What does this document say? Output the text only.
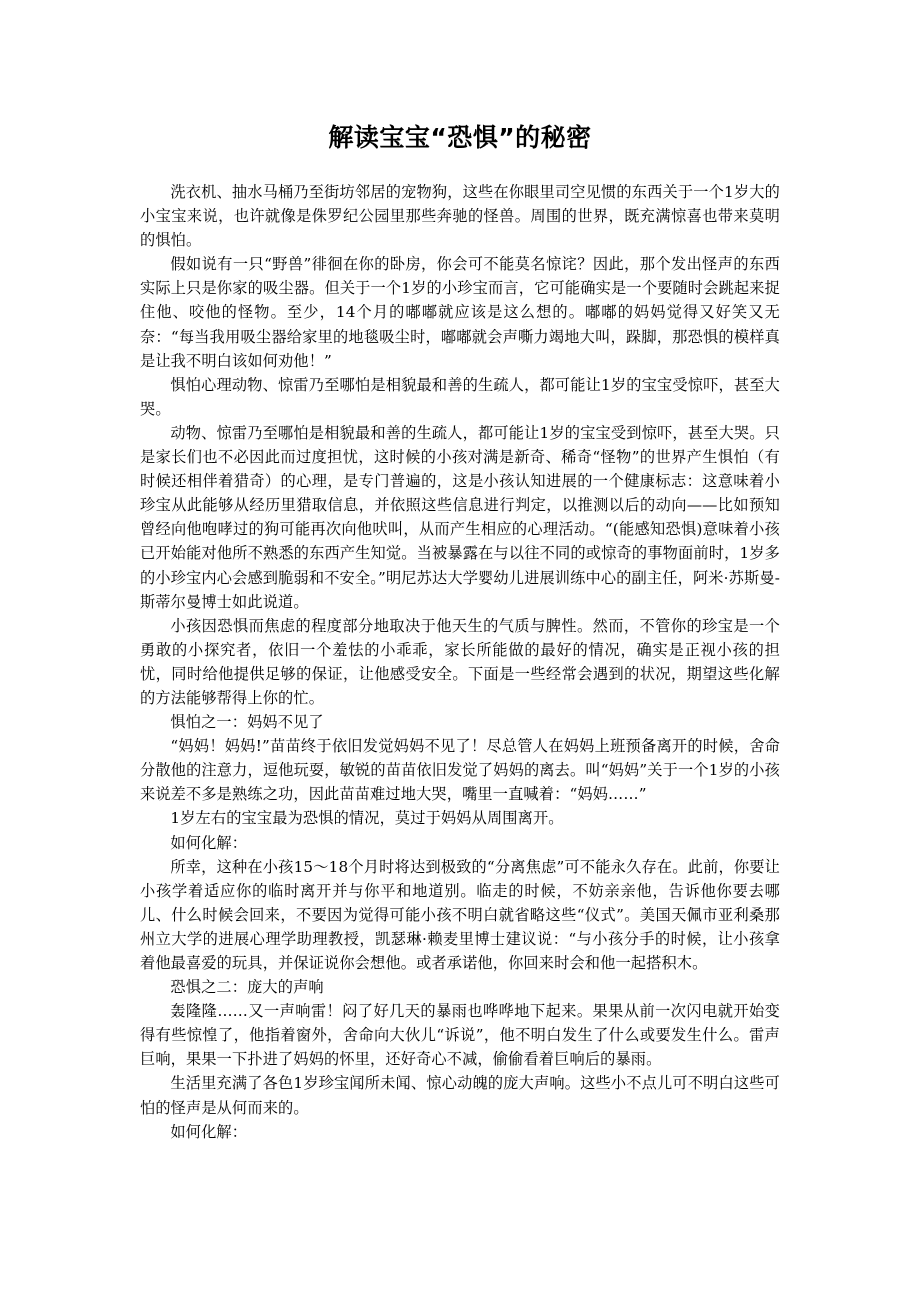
解读宝宝“恐惧”的秘密

洗衣机、抽水马桶乃至街坊邻居的宠物狗，这些在你眼里司空见惯的东西关于一个1岁大的小宝宝来说，也许就像是侏罗纪公园里那些奔驰的怪兽。周围的世界，既充满惊喜也带来莫明的惧怕。

假如说有一只“野兽”徘徊在你的卧房，你会可不能莫名惊诧？因此，那个发出怪声的东西实际上只是你家的吸尘器。但关于一个1岁的小珍宝而言，它可能确实是一个要随时会跳起来捉住他、咬他的怪物。至少，14个月的嘟嘟就应该是这么想的。嘟嘟的妈妈觉得又好笑又无奈：“每当我用吸尘器给家里的地毯吸尘时，嘟嘟就会声嘶力竭地大叫，跺脚，那恐惧的模样真是让我不明白该如何劝他！”

惧怕心理动物、惊雷乃至哪怕是相貌最和善的生疏人，都可能让1岁的宝宝受惊吓，甚至大哭。

动物、惊雷乃至哪怕是相貌最和善的生疏人，都可能让1岁的宝宝受到惊吓，甚至大哭。只是家长们也不必因此而过度担忧，这时候的小孩对满是新奇、稀奇“怪物”的世界产生惧怕（有时候还相伴着猎奇）的心理，是专门普遍的，这是小孩认知进展的一个健康标志：这意味着小珍宝从此能够从经历里猎取信息，并依照这些信息进行判定，以推测以后的动向——比如预知曾经向他咆哮过的狗可能再次向他吠叫，从而产生相应的心理活动。“(能感知恐惧)意味着小孩已开始能对他所不熟悉的东西产生知觉。当被暴露在与以往不同的或惊奇的事物面前时，1岁多的小珍宝内心会感到脆弱和不安全。”明尼苏达大学婴幼儿进展训练中心的副主任，阿米·苏斯曼-斯蒂尔曼博士如此说道。

小孩因恐惧而焦虑的程度部分地取决于他天生的气质与脾性。然而，不管你的珍宝是一个勇敢的小探究者，依旧一个羞怯的小乖乖，家长所能做的最好的情况，确实是正视小孩的担忧，同时给他提供足够的保证，让他感受安全。下面是一些经常会遇到的状况，期望这些化解的方法能够帮得上你的忙。

惧怕之一：妈妈不见了

“妈妈！妈妈!”苗苗终于依旧发觉妈妈不见了！尽总管人在妈妈上班预备离开的时候，舍命分散他的注意力，逗他玩耍，敏锐的苗苗依旧发觉了妈妈的离去。叫“妈妈”关于一个1岁的小孩来说差不多是熟练之功，因此苗苗难过地大哭，嘴里一直喊着：“妈妈……”

1岁左右的宝宝最为恐惧的情况，莫过于妈妈从周围离开。

如何化解：

所幸，这种在小孩15～18个月时将达到极致的“分离焦虑”可不能永久存在。此前，你要让小孩学着适应你的临时离开并与你平和地道别。临走的时候，不妨亲亲他，告诉他你要去哪儿、什么时候会回来，不要因为觉得可能小孩不明白就省略这些“仪式”。美国天佩市亚利桑那州立大学的进展心理学助理教授，凯瑟琳·赖麦里博士建议说：“与小孩分手的时候，让小孩拿着他最喜爱的玩具，并保证说你会想他。或者承诺他，你回来时会和他一起搭积木。

恐惧之二：庞大的声响

轰隆隆……又一声响雷！闷了好几天的暴雨也哗哗地下起来。果果从前一次闪电就开始变得有些惊惶了，他指着窗外，舍命向大伙儿“诉说”，他不明白发生了什么或要发生什么。雷声巨响，果果一下扑进了妈妈的怀里，还好奇心不减，偷偷看着巨响后的暴雨。

生活里充满了各色1岁珍宝闻所未闻、惊心动魄的庞大声响。这些小不点儿可不明白这些可怕的怪声是从何而来的。

如何化解：
